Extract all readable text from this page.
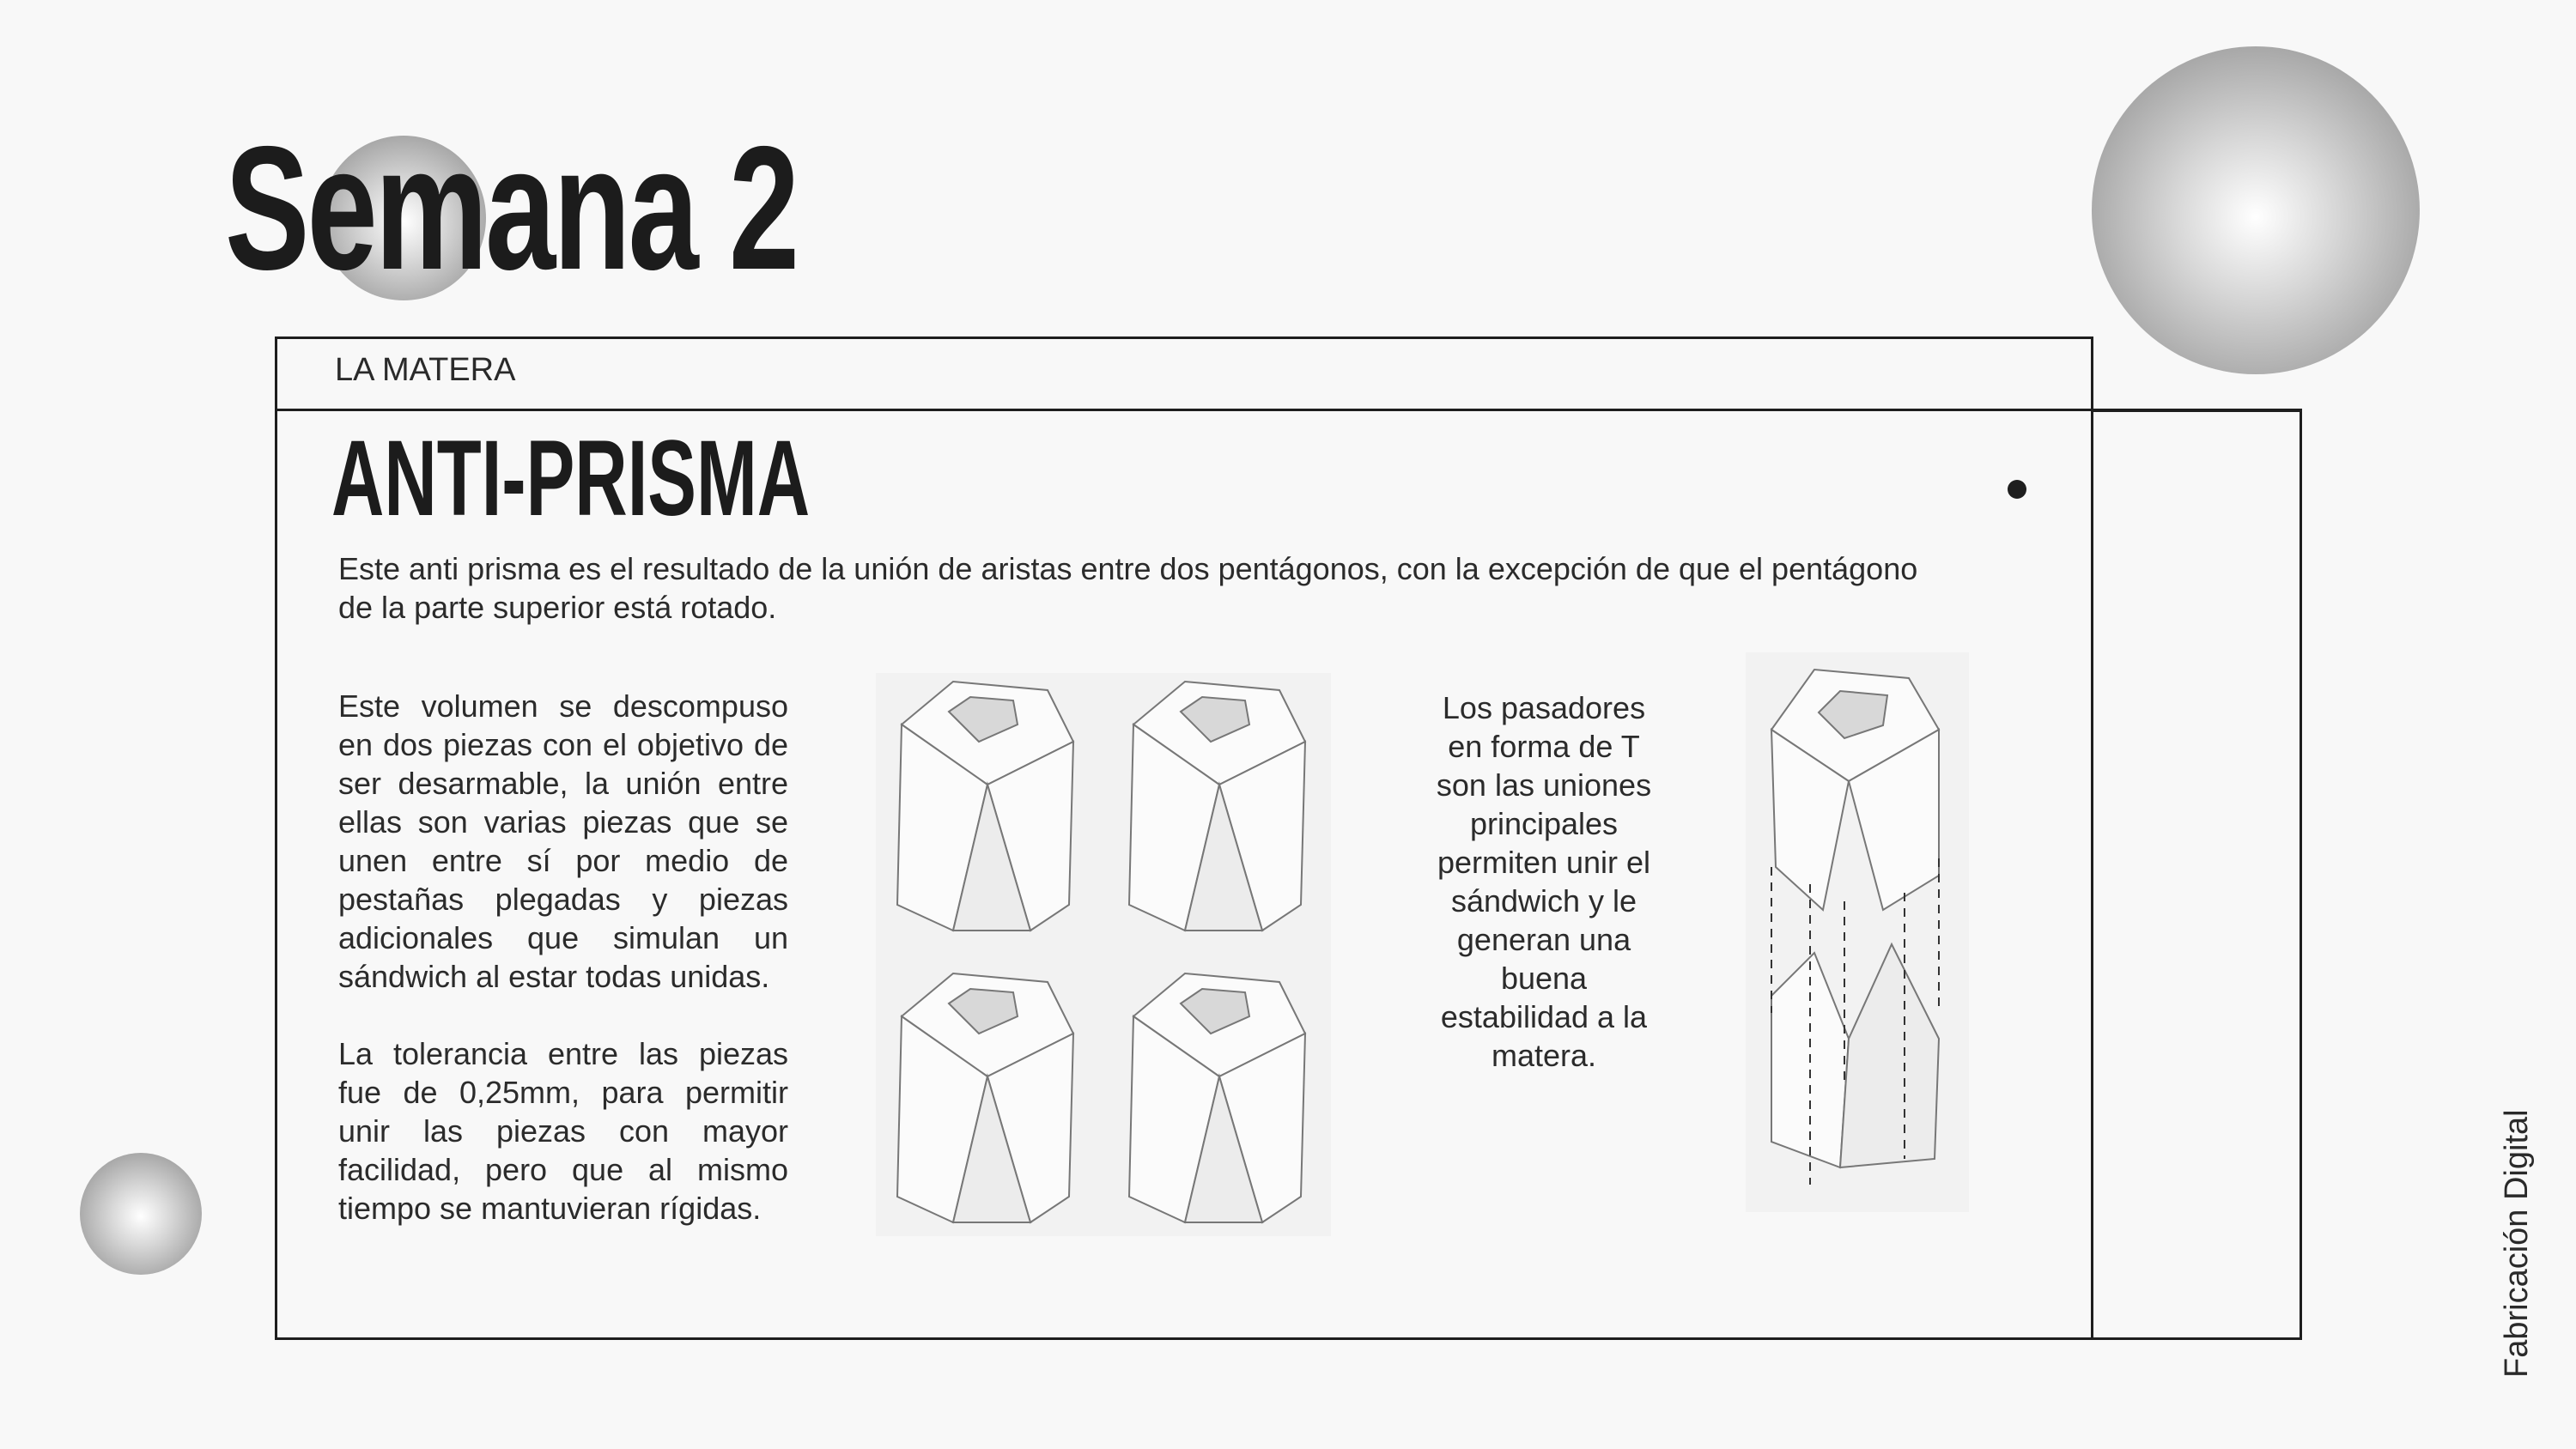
Semana 2
LA MATERA
ANTI-PRISMA
Este anti prisma es el resultado de la unión de aristas entre dos pentágonos, con la excepción de que el pentágono de la parte superior está rotado.

Este volumen se descompuso en dos piezas con el objetivo de ser desarmable, la unión entre ellas son varias piezas que se unen entre sí por medio de pestañas plegadas y piezas adicionales que simulan un sándwich al estar todas unidas.

La tolerancia entre las piezas fue de 0,25mm, para permitir unir las piezas con mayor facilidad, pero que al mismo tiempo se mantuvieran rígidas.

Los pasadores en forma de T son las uniones principales permiten unir el sándwich y le generan una buena estabilidad a la matera.
Fabricación Digital
